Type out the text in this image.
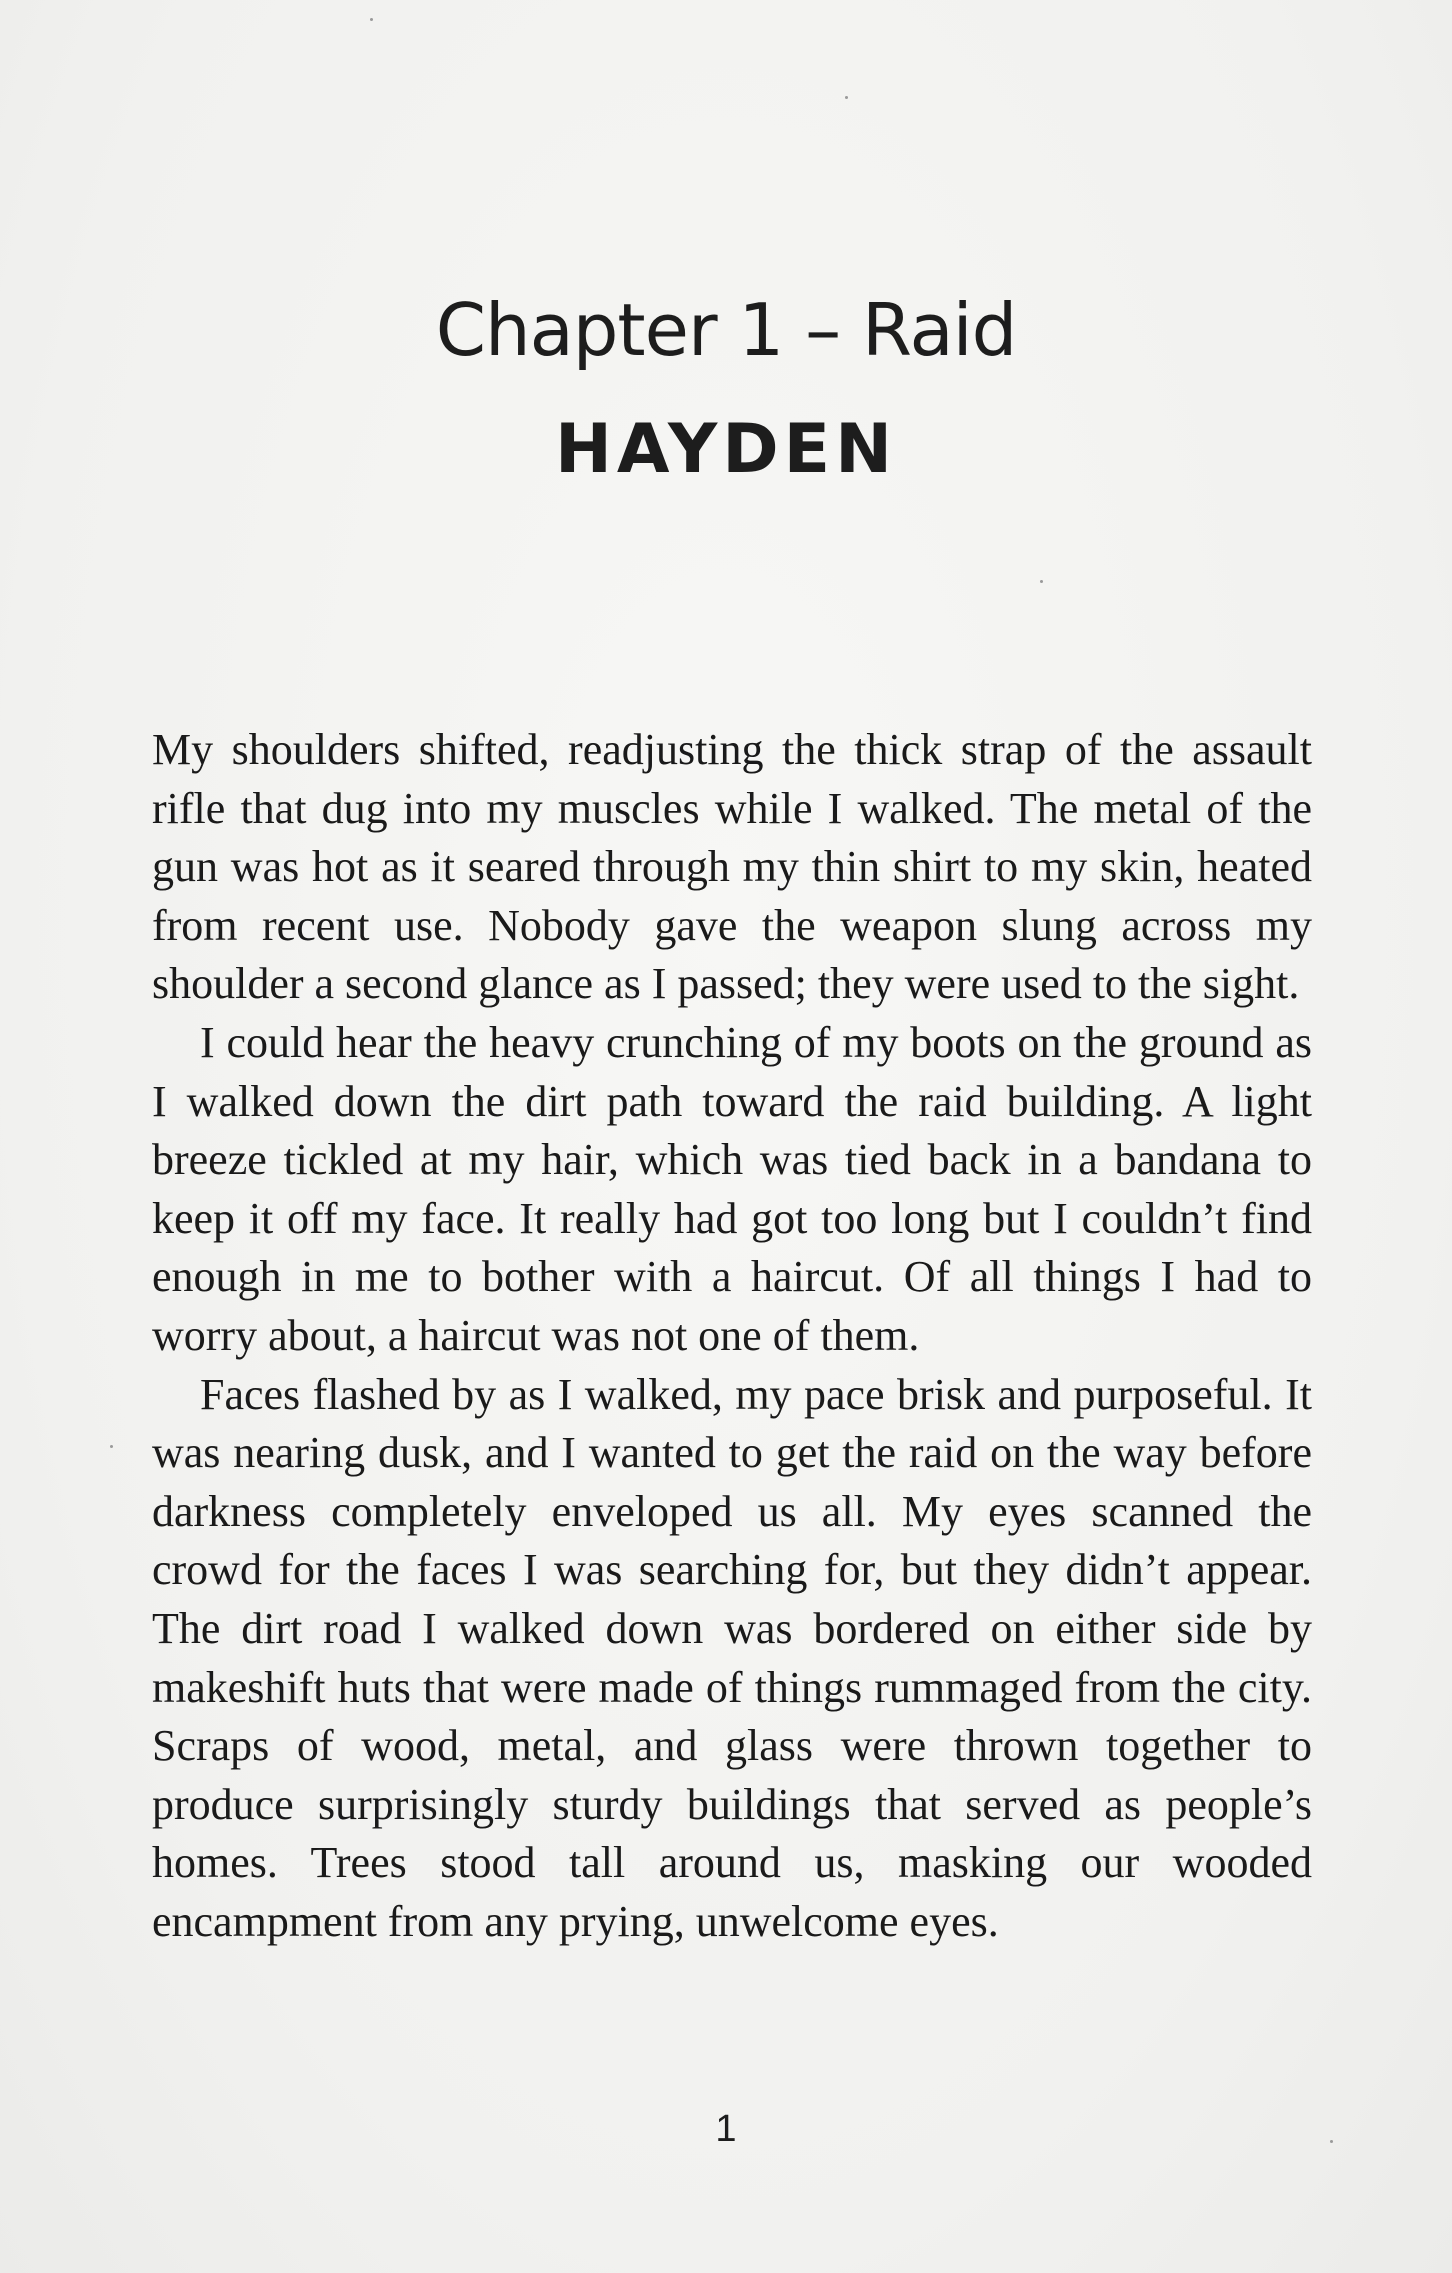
Chapter 1 – Raid
HAYDEN

My shoulders shifted, readjusting the thick strap of the assault rifle that dug into my muscles while I walked. The metal of the gun was hot as it seared through my thin shirt to my skin, heated from recent use. Nobody gave the weapon slung across my shoulder a second glance as I passed; they were used to the sight.

I could hear the heavy crunching of my boots on the ground as I walked down the dirt path toward the raid building. A light breeze tickled at my hair, which was tied back in a bandana to keep it off my face. It really had got too long but I couldn’t find enough in me to bother with a haircut. Of all things I had to worry about, a haircut was not one of them.

Faces flashed by as I walked, my pace brisk and purposeful. It was nearing dusk, and I wanted to get the raid on the way before darkness completely enveloped us all. My eyes scanned the crowd for the faces I was searching for, but they didn’t appear. The dirt road I walked down was bordered on either side by makeshift huts that were made of things rummaged from the city. Scraps of wood, metal, and glass were thrown together to produce surprisingly sturdy buildings that served as people’s homes. Trees stood tall around us, masking our wooded encampment from any prying, unwelcome eyes.

1
